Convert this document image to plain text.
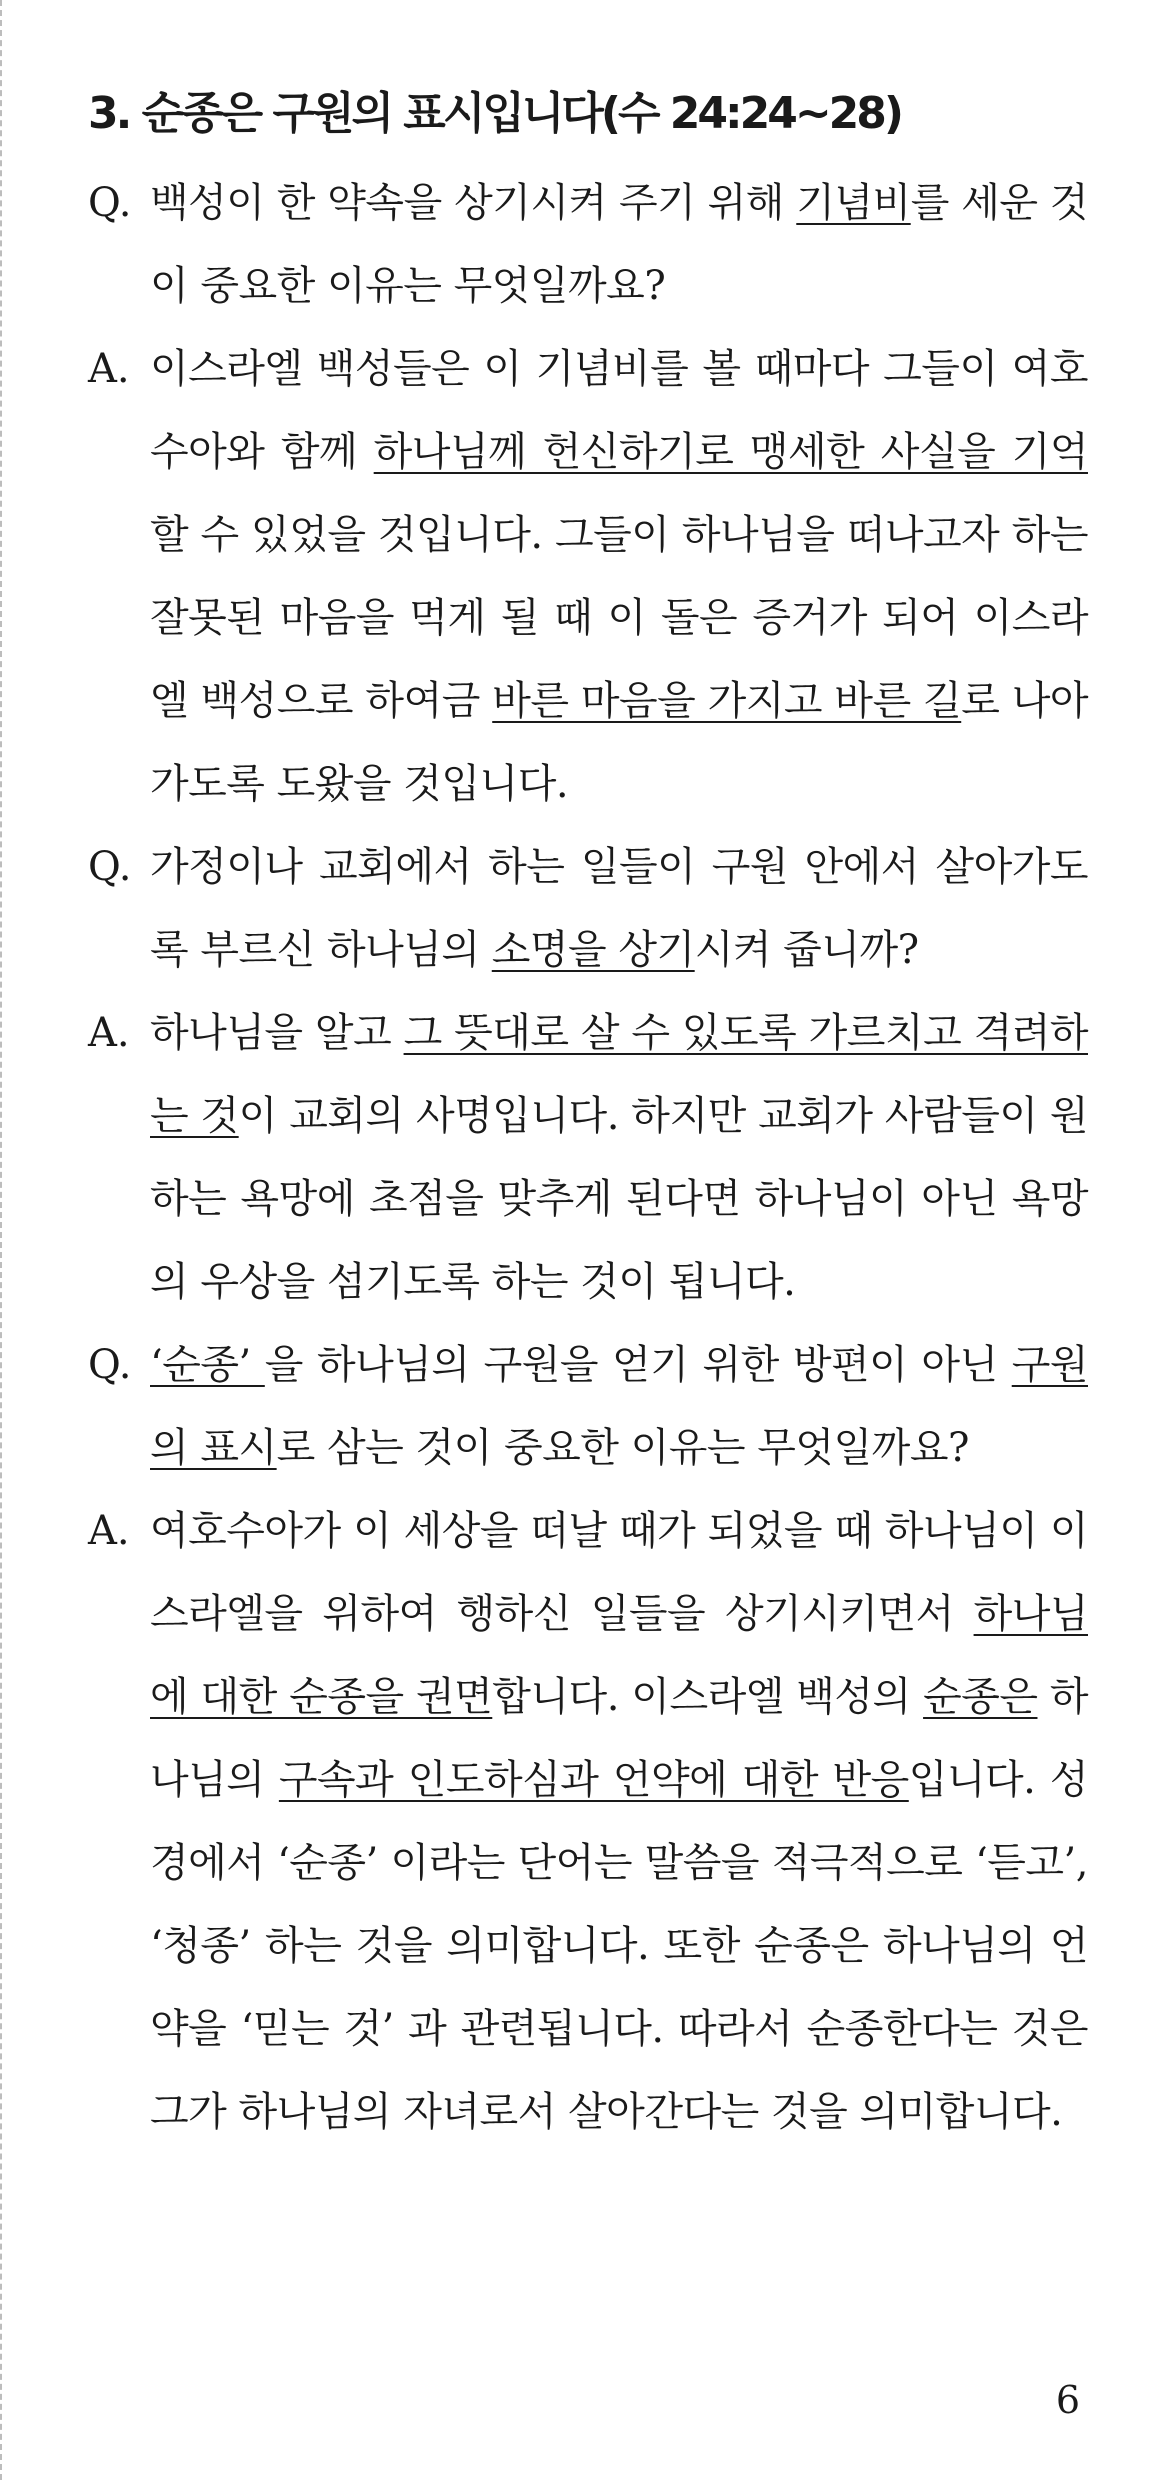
3. 순종은 구원의 표시입니다(수 24:24~28)
Q. 백성이 한 약속을 상기시켜 주기 위해 기념비를 세운 것이 중요한 이유는 무엇일까요?
A. 이스라엘 백성들은 이 기념비를 볼 때마다 그들이 여호수아와 함께 하나님께 헌신하기로 맹세한 사실을 기억할 수 있었을 것입니다. 그들이 하나님을 떠나고자 하는 잘못된 마음을 먹게 될 때 이 돌은 증거가 되어 이스라엘 백성으로 하여금 바른 마음을 가지고 바른 길로 나아가도록 도왔을 것입니다.
Q. 가정이나 교회에서 하는 일들이 구원 안에서 살아가도록 부르신 하나님의 소명을 상기시켜 줍니까?
A. 하나님을 알고 그 뜻대로 살 수 있도록 가르치고 격려하는 것이 교회의 사명입니다. 하지만 교회가 사람들이 원하는 욕망에 초점을 맞추게 된다면 하나님이 아닌 욕망의 우상을 섬기도록 하는 것이 됩니다.
Q. ‘순종’ 을 하나님의 구원을 얻기 위한 방편이 아닌 구원의 표시로 삼는 것이 중요한 이유는 무엇일까요?
A. 여호수아가 이 세상을 떠날 때가 되었을 때 하나님이 이스라엘을 위하여 행하신 일들을 상기시키면서 하나님에 대한 순종을 권면합니다. 이스라엘 백성의 순종은 하나님의 구속과 인도하심과 언약에 대한 반응입니다. 성경에서 ‘순종’ 이라는 단어는 말씀을 적극적으로 ‘듣고’, ‘청종’ 하는 것을 의미합니다. 또한 순종은 하나님의 언약을 ‘믿는 것’ 과 관련됩니다. 따라서 순종한다는 것은 그가 하나님의 자녀로서 살아간다는 것을 의미합니다.
6
